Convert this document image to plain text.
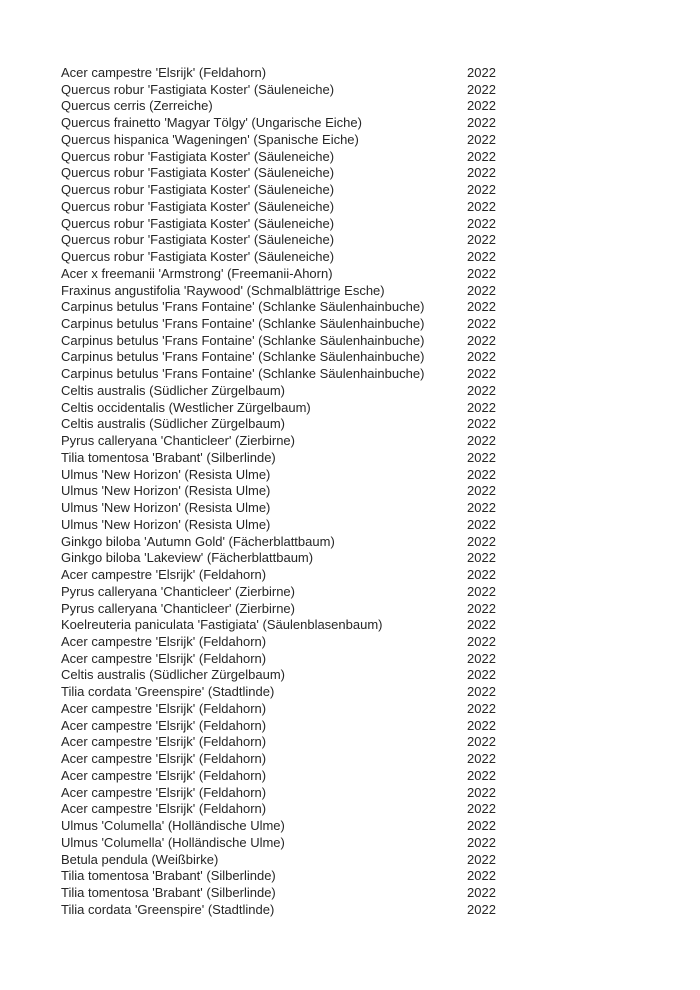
Acer campestre 'Elsrijk' (Feldahorn)	2022
Quercus robur 'Fastigiata Koster' (Säuleneiche)	2022
Quercus cerris (Zerreiche)	2022
Quercus frainetto 'Magyar Tölgy' (Ungarische Eiche)	2022
Quercus hispanica 'Wageningen' (Spanische Eiche)	2022
Quercus robur 'Fastigiata Koster' (Säuleneiche)	2022
Quercus robur 'Fastigiata Koster' (Säuleneiche)	2022
Quercus robur 'Fastigiata Koster' (Säuleneiche)	2022
Quercus robur 'Fastigiata Koster' (Säuleneiche)	2022
Quercus robur 'Fastigiata Koster' (Säuleneiche)	2022
Quercus robur 'Fastigiata Koster' (Säuleneiche)	2022
Quercus robur 'Fastigiata Koster' (Säuleneiche)	2022
Acer x freemanii 'Armstrong' (Freemanii-Ahorn)	2022
Fraxinus angustifolia 'Raywood' (Schmalblättrige Esche)	2022
Carpinus betulus 'Frans Fontaine' (Schlanke Säulenhainbuche)	2022
Carpinus betulus 'Frans Fontaine' (Schlanke Säulenhainbuche)	2022
Carpinus betulus 'Frans Fontaine' (Schlanke Säulenhainbuche)	2022
Carpinus betulus 'Frans Fontaine' (Schlanke Säulenhainbuche)	2022
Carpinus betulus 'Frans Fontaine' (Schlanke Säulenhainbuche)	2022
Celtis australis (Südlicher Zürgelbaum)	2022
Celtis occidentalis (Westlicher Zürgelbaum)	2022
Celtis australis (Südlicher Zürgelbaum)	2022
Pyrus calleryana 'Chanticleer' (Zierbirne)	2022
Tilia tomentosa 'Brabant' (Silberlinde)	2022
Ulmus 'New Horizon' (Resista Ulme)	2022
Ulmus 'New Horizon' (Resista Ulme)	2022
Ulmus 'New Horizon' (Resista Ulme)	2022
Ulmus 'New Horizon' (Resista Ulme)	2022
Ginkgo biloba 'Autumn Gold' (Fächerblattbaum)	2022
Ginkgo biloba 'Lakeview' (Fächerblattbaum)	2022
Acer campestre 'Elsrijk' (Feldahorn)	2022
Pyrus calleryana 'Chanticleer' (Zierbirne)	2022
Pyrus calleryana 'Chanticleer' (Zierbirne)	2022
Koelreuteria paniculata 'Fastigiata' (Säulenblasenbaum)	2022
Acer campestre 'Elsrijk' (Feldahorn)	2022
Acer campestre 'Elsrijk' (Feldahorn)	2022
Celtis australis (Südlicher Zürgelbaum)	2022
Tilia cordata 'Greenspire' (Stadtlinde)	2022
Acer campestre 'Elsrijk' (Feldahorn)	2022
Acer campestre 'Elsrijk' (Feldahorn)	2022
Acer campestre 'Elsrijk' (Feldahorn)	2022
Acer campestre 'Elsrijk' (Feldahorn)	2022
Acer campestre 'Elsrijk' (Feldahorn)	2022
Acer campestre 'Elsrijk' (Feldahorn)	2022
Acer campestre 'Elsrijk' (Feldahorn)	2022
Ulmus 'Columella' (Holländische Ulme)	2022
Ulmus 'Columella' (Holländische Ulme)	2022
Betula pendula (Weißbirke)	2022
Tilia tomentosa 'Brabant' (Silberlinde)	2022
Tilia tomentosa 'Brabant' (Silberlinde)	2022
Tilia cordata 'Greenspire' (Stadtlinde)	2022
